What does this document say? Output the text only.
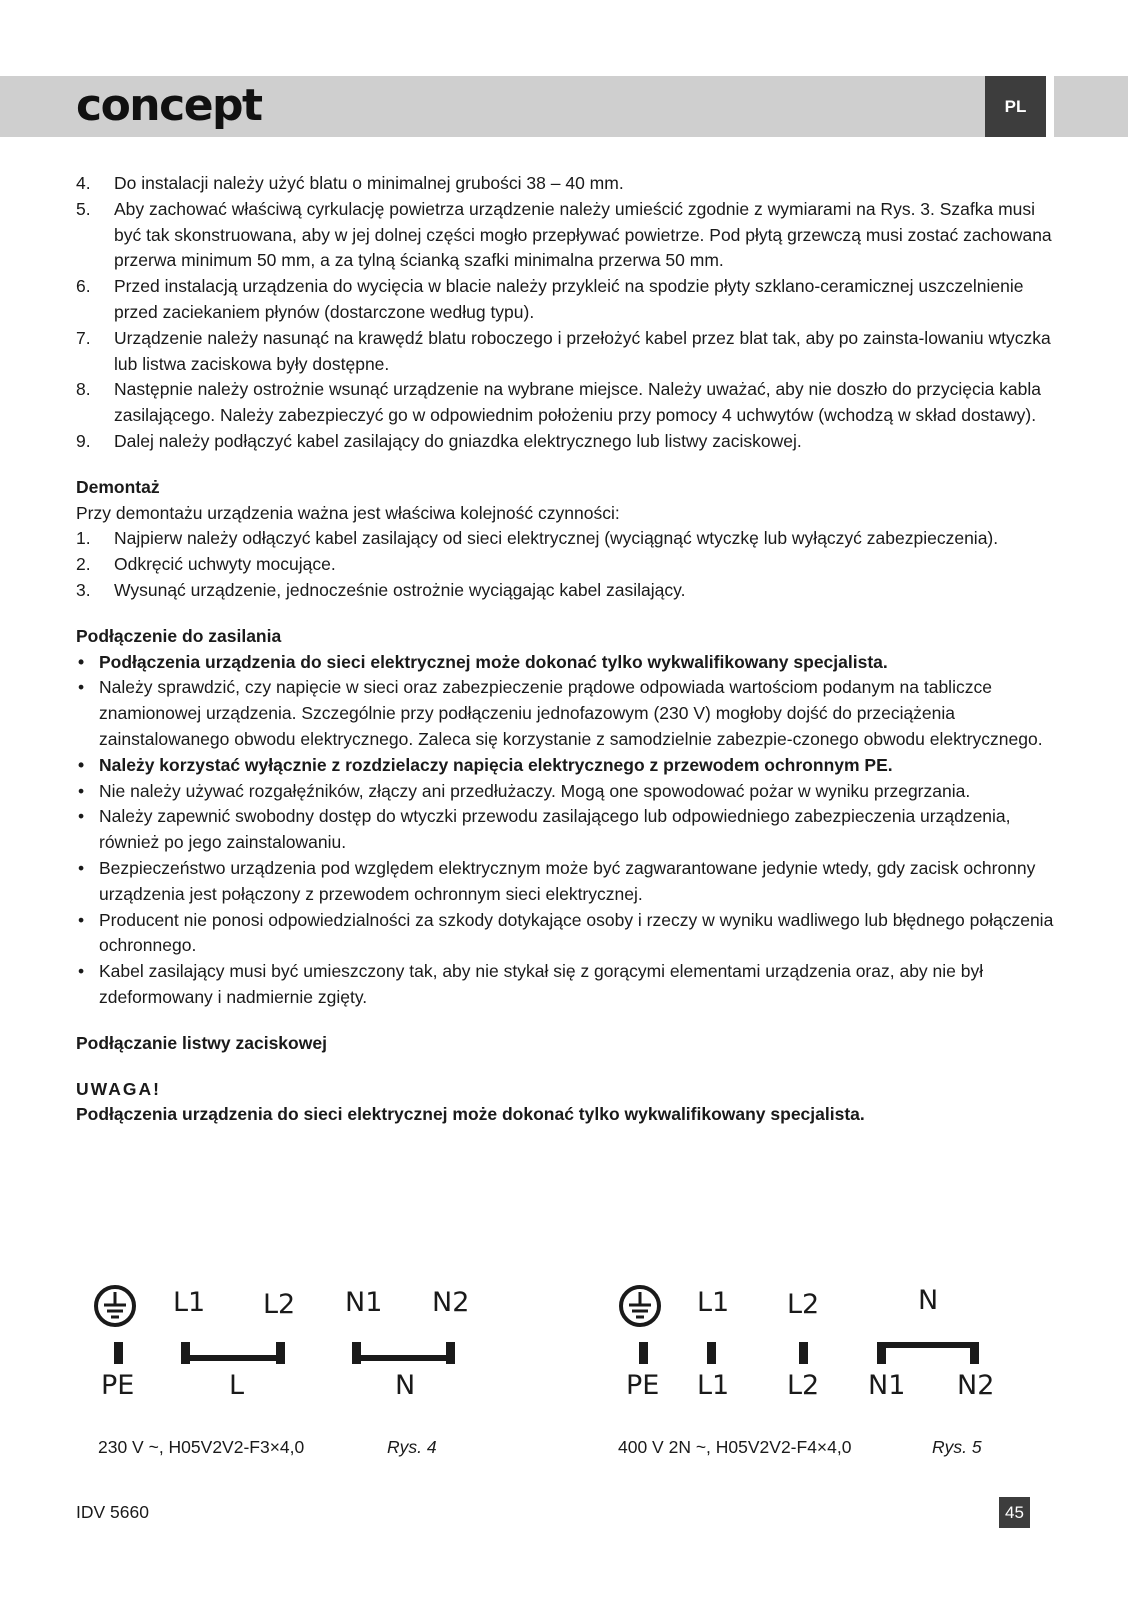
concept	PL
4. Do instalacji należy użyć blatu o minimalnej grubości 38 – 40 mm.
5. Aby zachować właściwą cyrkulację powietrza urządzenie należy umieścić zgodnie z wymiarami na Rys. 3. Szafka musi być tak skonstruowana, aby w jej dolnej części mogło przepływać powietrze. Pod płytą grzewczą musi zostać zachowana przerwa minimum 50 mm, a za tylną ścianką szafki minimalna przerwa 50 mm.
6. Przed instalacją urządzenia do wycięcia w blacie należy przykleić na spodzie płyty szklano-ceramicznej uszczelnienie przed zaciekaniem płynów (dostarczone według typu).
7. Urządzenie należy nasunąć na krawędź blatu roboczego i przełożyć kabel przez blat tak, aby po zainsta-lowaniu wtyczka lub listwa zaciskowa były dostępne.
8. Następnie należy ostrożnie wsunąć urządzenie na wybrane miejsce. Należy uważać, aby nie doszło do przycięcia kabla zasilającego. Należy zabezpieczyć go w odpowiednim położeniu przy pomocy 4 uchwytów (wchodzą w skład dostawy).
9. Dalej należy podłączyć kabel zasilający do gniazdka elektrycznego lub listwy zaciskowej.
Demontaż
Przy demontażu urządzenia ważna jest właściwa kolejność czynności:
1. Najpierw należy odłączyć kabel zasilający od sieci elektrycznej (wyciągnąć wtyczkę lub wyłączyć zabezpieczenia).
2. Odkręcić uchwyty mocujące.
3. Wysunąć urządzenie, jednocześnie ostrożnie wyciągając kabel zasilający.
Podłączenie do zasilania
• Podłączenia urządzenia do sieci elektrycznej może dokonać tylko wykwalifikowany specjalista.
• Należy sprawdzić, czy napięcie w sieci oraz zabezpieczenie prądowe odpowiada wartościom podanym na tabliczce znamionowej urządzenia. Szczególnie przy podłączeniu jednofazowym (230 V) mogłoby dojść do przeciążenia zainstalowanego obwodu elektrycznego. Zaleca się korzystanie z samodzielnie zabezpie-czonego obwodu elektrycznego.
• Należy korzystać wyłącznie z rozdzielaczy napięcia elektrycznego z przewodem ochronnym PE.
• Nie należy używać rozgałęźników, złączy ani przedłużaczy. Mogą one spowodować pożar w wyniku przegrzania.
• Należy zapewnić swobodny dostęp do wtyczki przewodu zasilającego lub odpowiedniego zabezpieczenia urządzenia, również po jego zainstalowaniu.
• Bezpieczeństwo urządzenia pod względem elektrycznym może być zagwarantowane jedynie wtedy, gdy zacisk ochronny urządzenia jest połączony z przewodem ochronnym sieci elektrycznej.
• Producent nie ponosi odpowiedzialności za szkody dotykające osoby i rzeczy w wyniku wadliwego lub błędnego połączenia ochronnego.
• Kabel zasilający musi być umieszczony tak, aby nie stykał się z gorącymi elementami urządzenia oraz, aby nie był zdeformowany i nadmiernie zgięty.
Podłączanie listwy zaciskowej
UWAGA!
Podłączenia urządzenia do sieci elektrycznej może dokonać tylko wykwalifikowany specjalista.
L1 L2 N1 N2
PE	L	N
230 V ~, H05V2V2-F3×4,0	Rys. 4
L1 L2	N
PE L1 L2 N1 N2
400 V 2N ~, H05V2V2-F4×4,0	Rys. 5
IDV 5660	45
